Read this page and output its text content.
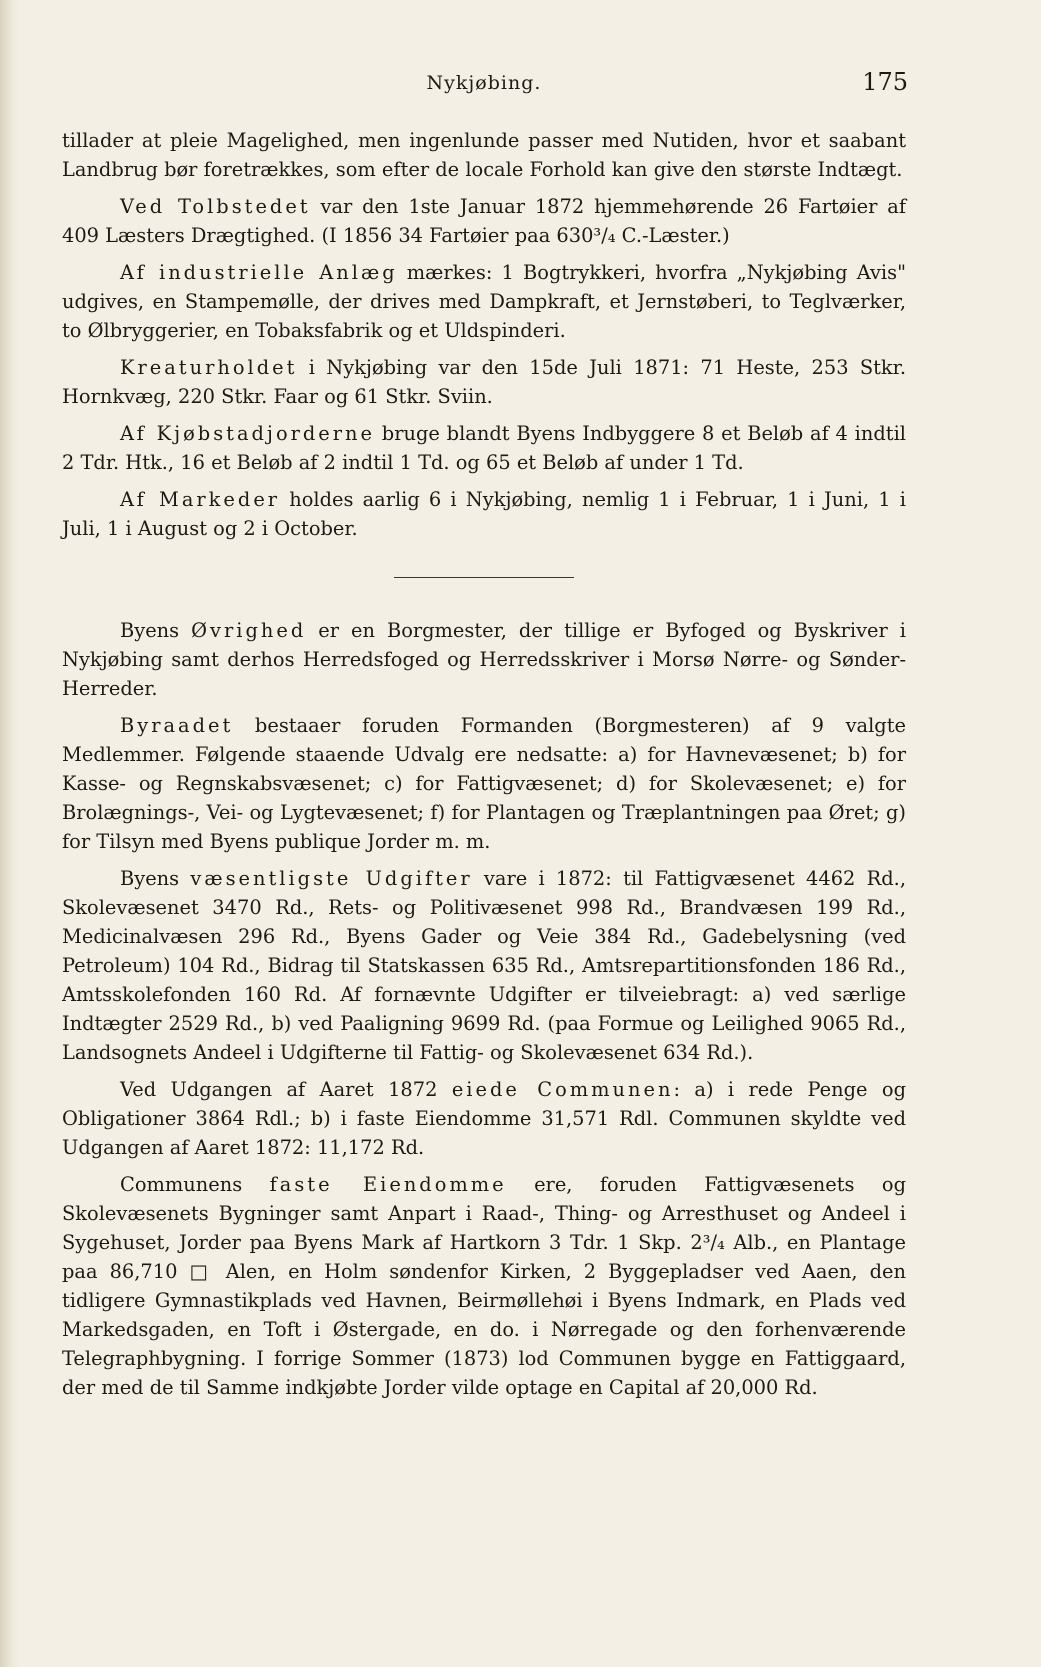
Nykjøbing.	175

tillader at pleie Magelighed, men ingenlunde passer med Nutiden, hvor et saabant Landbrug bør foretrækkes, som efter de locale Forhold kan give den største Indtægt.

Ved Tolbstedet var den 1ste Januar 1872 hjemmehørende 26 Fartøier af 409 Læsters Drægtighed. (I 1856 34 Fartøier paa 630³/₄ C.-Læster.)

Af industrielle Anlæg mærkes: 1 Bogtrykkeri, hvorfra „Nykjøbing Avis" udgives, en Stampemølle, der drives med Dampkraft, et Jernstøberi, to Teglværker, to Ølbryggerier, en Tobaksfabrik og et Uldspinderi.

Kreaturholdet i Nykjøbing var den 15de Juli 1871: 71 Heste, 253 Stkr. Hornkvæg, 220 Stkr. Faar og 61 Stkr. Sviin.

Af Kjøbstadjorderne bruge blandt Byens Indbyggere 8 et Beløb af 4 indtil 2 Tdr. Htk., 16 et Beløb af 2 indtil 1 Td. og 65 et Beløb af under 1 Td.

Af Markeder holdes aarlig 6 i Nykjøbing, nemlig 1 i Februar, 1 i Juni, 1 i Juli, 1 i August og 2 i October.

Byens Øvrighed er en Borgmester, der tillige er Byfoged og Byskriver i Nykjøbing samt derhos Herredsfoged og Herredsskriver i Morsø Nørre- og Sønder- Herreder.

Byraadet bestaaer foruden Formanden (Borgmesteren) af 9 valgte Medlemmer. Følgende staaende Udvalg ere nedsatte: a) for Havnevæsenet; b) for Kasse- og Regnskabsvæsenet; c) for Fattigvæsenet; d) for Skolevæsenet; e) for Brolægnings-, Vei- og Lygtevæsenet; f) for Plantagen og Træplantningen paa Øret; g) for Tilsyn med Byens publique Jorder m. m.

Byens væsentligste Udgifter vare i 1872: til Fattigvæsenet 4462 Rd., Skolevæsenet 3470 Rd., Rets- og Politivæsenet 998 Rd., Brandvæsen 199 Rd., Medicinalvæsen 296 Rd., Byens Gader og Veie 384 Rd., Gadebelysning (ved Petroleum) 104 Rd., Bidrag til Statskassen 635 Rd., Amtsrepartitionsfonden 186 Rd., Amtsskolefonden 160 Rd. Af fornævnte Udgifter er tilveiebragt: a) ved særlige Indtægter 2529 Rd., b) ved Paaligning 9699 Rd. (paa Formue og Leilighed 9065 Rd., Landsognets Andeel i Udgifterne til Fattig- og Skolevæsenet 634 Rd.).

Ved Udgangen af Aaret 1872 eiede Communen: a) i rede Penge og Obligationer 3864 Rdl.; b) i faste Eiendomme 31,571 Rdl. Communen skyldte ved Udgangen af Aaret 1872: 11,172 Rd.

Communens faste Eiendomme ere, foruden Fattigvæsenets og Skolevæsenets Bygninger samt Anpart i Raad-, Thing- og Arresthuset og Andeel i Sygehuset, Jorder paa Byens Mark af Hartkorn 3 Tdr. 1 Skp. 2³/₄ Alb., en Plantage paa 86,710 □ Alen, en Holm søndenfor Kirken, 2 Byggepladser ved Aaen, den tidligere Gymnastikplads ved Havnen, Beirmøllehøi i Byens Indmark, en Plads ved Markedsgaden, en Toft i Østergade, en do. i Nørregade og den forhenværende Telegraphbygning. I forrige Sommer (1873) lod Communen bygge en Fattiggaard, der med de til Samme indkjøbte Jorder vilde optage en Capital af 20,000 Rd.
